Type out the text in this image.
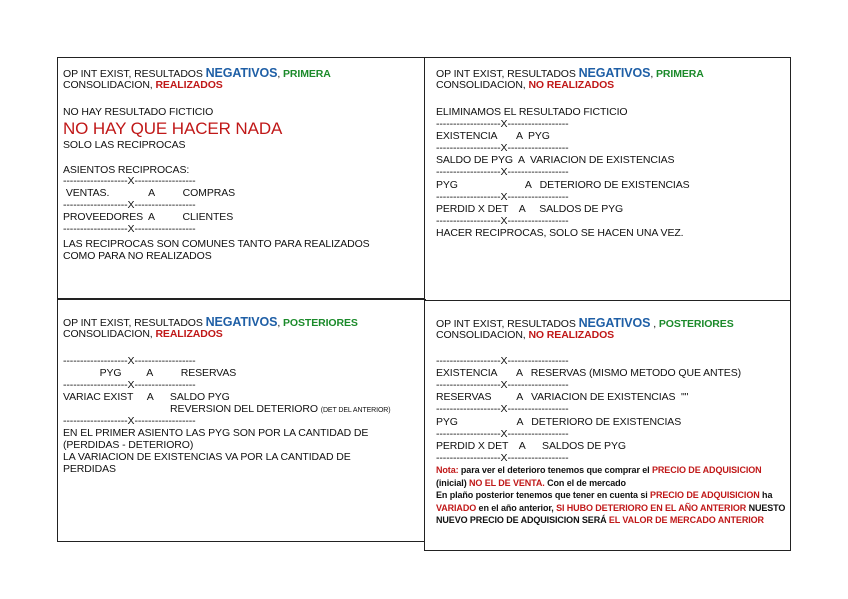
OP INT EXIST, RESULTADOS NEGATIVOS, PRIMERA
CONSOLIDACION, REALIZADOS
NO HAY RESULTADO FICTICIO
NO HAY QUE HACER NADA
SOLO LAS RECIPROCAS
ASIENTOS RECIPROCAS:
-------------------X------------------
VENTAS.              A          COMPRAS
-------------------X------------------
PROVEEDORES  A          CLIENTES
-------------------X------------------
LAS RECIPROCAS SON COMUNES TANTO PARA REALIZADOS
COMO PARA NO REALIZADOS
OP INT EXIST, RESULTADOS NEGATIVOS, PRIMERA
CONSOLIDACION, NO REALIZADOS
ELIMINAMOS EL RESULTADO FICTICIO
-------------------X------------------
EXISTENCIA       A  PYG
-------------------X------------------
SALDO DE PYG  A  VARIACION DE EXISTENCIAS
-------------------X------------------
PYG                        A   DETERIORO DE EXISTENCIAS
-------------------X------------------
PERDID X DET    A     SALDOS DE PYG
-------------------X------------------
HACER RECIPROCAS, SOLO SE HACEN UNA VEZ.
OP INT EXIST, RESULTADOS NEGATIVOS, POSTERIORES
CONSOLIDACION, REALIZADOS
-------------------X------------------
PYG         A          RESERVAS
-------------------X------------------
VARIAC EXIST     A      SALDO PYG
REVERSION DEL DETERIORO (DET DEL ANTERIOR)
-------------------X------------------
EN EL PRIMER ASIENTO LAS PYG SON POR LA CANTIDAD DE
(PERDIDAS - DETERIORO)
LA VARIACION DE EXISTENCIAS VA POR LA CANTIDAD DE
PERDIDAS
OP INT EXIST, RESULTADOS NEGATIVOS , POSTERIORES
CONSOLIDACION, NO REALIZADOS
-------------------X------------------
EXISTENCIA       A   RESERVAS (MISMO METODO QUE ANTES)
-------------------X------------------
RESERVAS         A   VARIACION DE EXISTENCIAS  ""
-------------------X------------------
PYG                     A   DETERIORO DE EXISTENCIAS
-------------------X------------------
PERDID X DET    A      SALDOS DE PYG
-------------------X------------------
Nota: para ver el deterioro tenemos que comprar el PRECIO DE ADQUISICION (inicial) NO EL DE VENTA. Con el de mercado
En plaño posterior tenemos que tener en cuenta si PRECIO DE ADQUISICION ha VARIADO en el año anterior, SI HUBO DETERIORO EN EL AÑO ANTERIOR NUESTO NUEVO PRECIO DE ADQUISICION SERÁ EL VALOR DE MERCADO ANTERIOR
